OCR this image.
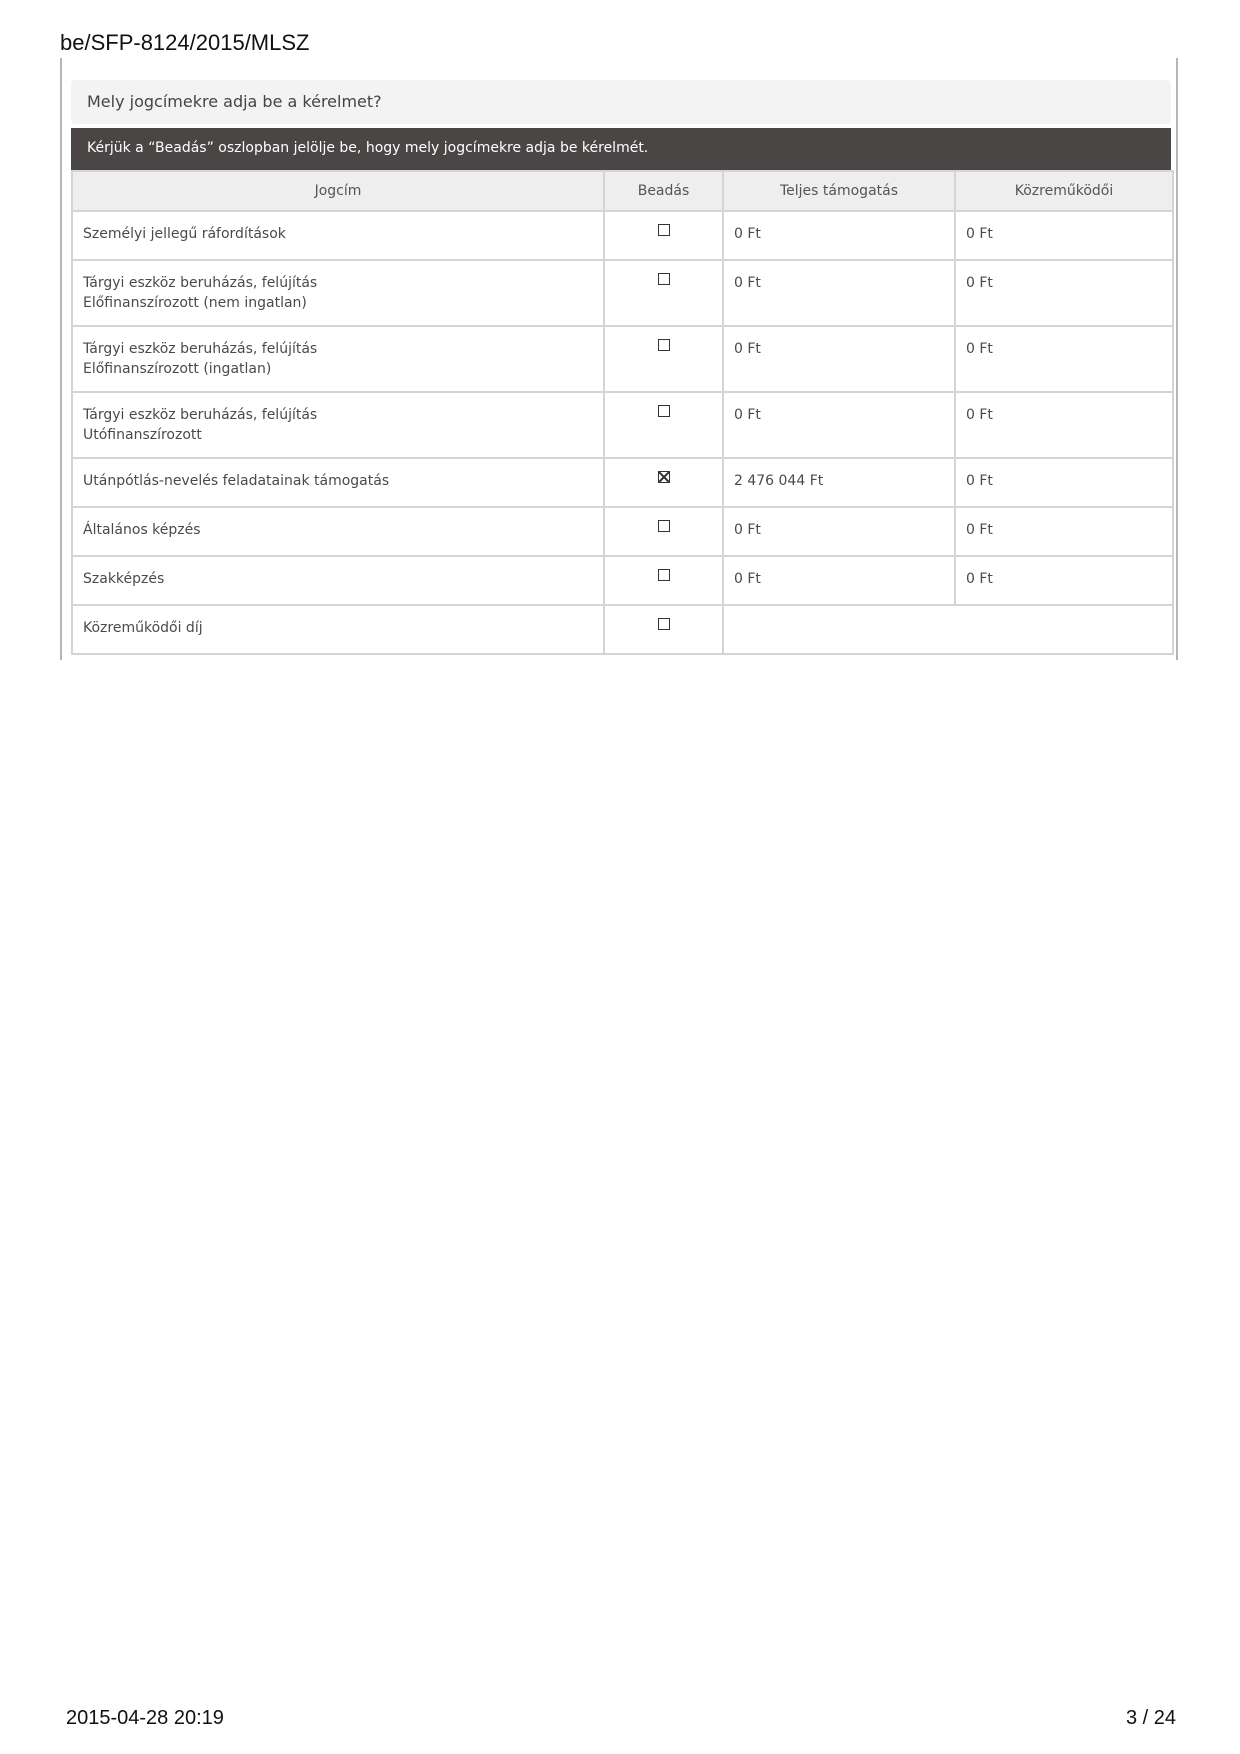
be/SFP-8124/2015/MLSZ
Mely jogcímekre adja be a kérelmet?
Kérjük a “Beadás” oszlopban jelölje be, hogy mely jogcímekre adja be kérelmét.
Jogcím	Beadás	Teljes támogatás	Közreműködői
Személyi jellegű ráfordítások		0 Ft	0 Ft
Tárgyi eszköz beruházás, felújítás
Előfinanszírozott (nem ingatlan)		0 Ft	0 Ft
Tárgyi eszköz beruházás, felújítás
Előfinanszírozott (ingatlan)		0 Ft	0 Ft
Tárgyi eszköz beruházás, felújítás
Utófinanszírozott		0 Ft	0 Ft
Utánpótlás-nevelés feladatainak támogatás		2 476 044 Ft	0 Ft
Általános képzés		0 Ft	0 Ft
Szakképzés		0 Ft	0 Ft
Közreműködői díj			
2015-04-28 20:19	3 / 24
